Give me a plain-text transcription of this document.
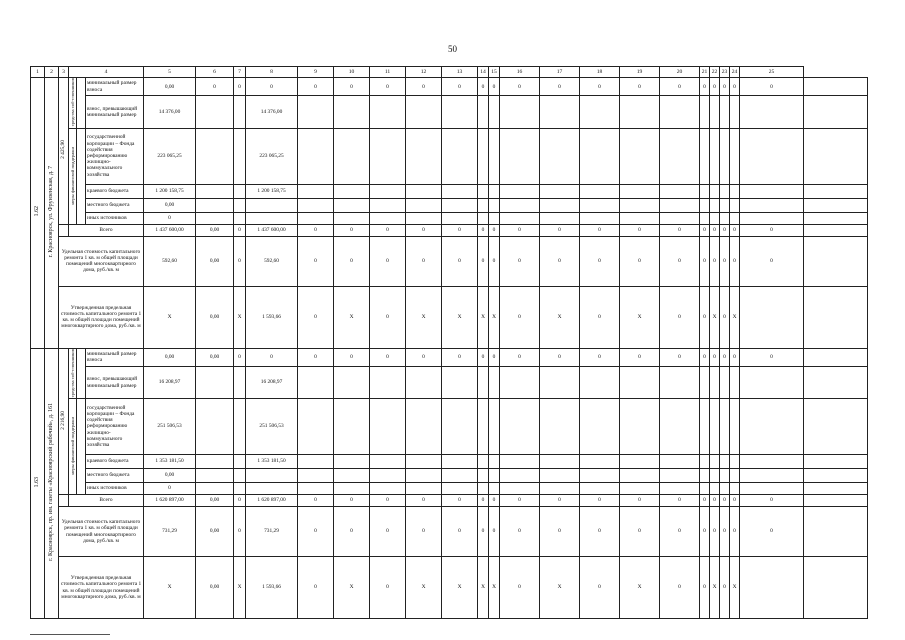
50
1	2	3	4			5	6	7	8	9	10	11	12	13	14	15	16	17	18	19	20	21	22	23	24	25	
1.62	г. Красноярск, ул. Фрунзенская, д. 7	2 425,90	средства соб-ственников		минимальный размер взноса	0,00	0	0	0	0	0	0	0	0	0	0	0	0	0	0	0	0	0	0	0	0	
					взнос, превышающий минимальный размер	14 376,00			14 376,00																		
			меры финансовой поддержки		государственной корпорации – Фонда содействия реформированию жилищно-коммунального хозяйства	223 065,25			223 065,25																		
					краевого бюджета	1 200 158,75			1 200 158,75																		
					местного бюджета	0,00																					
					иных источников	0																					
			Всего			1 437 600,00	0,00	0	1 437 600,00	0	0	0	0	0	0	0	0	0	0	0	0	0	0	0	0	0	
		Удельная стоимость капитального ремонта 1 кв. м общей площади помещений многоквартирного дома, руб./кв. м				592,60	0,00	0	592,60	0	0	0	0	0	0	0	0	0	0	0	0	0	0	0	0	0	
		Утвержденная предельная стоимость капитального ремонта 1 кв. м общей площади помещений многоквартирного дома, руб./кв. м				X	0,00	X	1 593,66	0	X	0	X	X	X	X	0	X	0	X	0	0	X	0	X		
1.63	г. Красноярск, пр. им. газеты «Красноярский рабочий», д. 161	2 216,90	средства соб-ственников		минимальный размер взноса	0,00	0,00	0	0	0	0	0	0	0	0	0	0	0	0	0	0	0	0	0	0	0	
					взнос, превышающий минимальный размер	16 208,97			16 208,97																		
			меры финансовой поддержки		государственной корпорации – Фонда содействия реформированию жилищно-коммунального хозяйства	251 506,53			251 506,53																		
					краевого бюджета	1 353 181,50			1 353 181,50																		
					местного бюджета	0,00																					
					иных источников	0																					
			Всего			1 620 897,00	0,00	0	1 620 897,00	0	0	0	0	0	0	0	0	0	0	0	0	0	0	0	0	0	
		Удельная стоимость капитального ремонта 1 кв. м общей площади помещений многоквартирного дома, руб./кв. м				731,29	0,00	0	731,29	0	0	0	0	0	0	0	0	0	0	0	0	0	0	0	0	0	
		Утвержденная предельная стоимость капитального ремонта 1 кв. м общей площади помещений многоквартирного дома, руб./кв. м				X	0,00	X	1 593,66	0	X	0	X	X	X	X	0	X	0	X	0	0	X	0	X		
